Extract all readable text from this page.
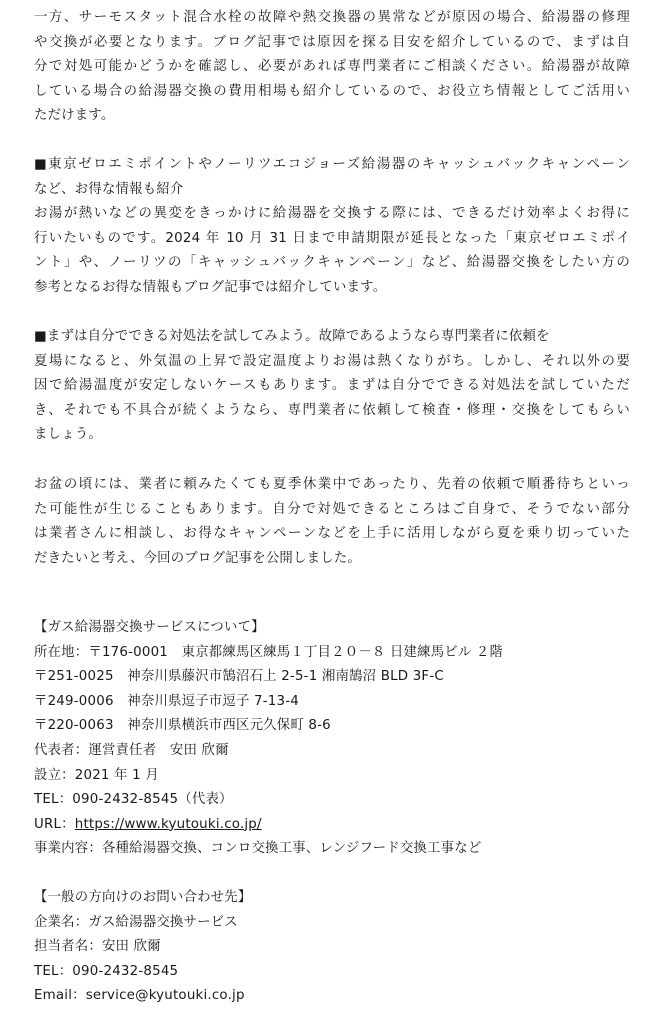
一方、サーモスタット混合水栓の故障や熱交換器の異常などが原因の場合、給湯器の修理
や交換が必要となります。ブログ記事では原因を探る目安を紹介しているので、まずは自
分で対処可能かどうかを確認し、必要があれば専門業者にご相談ください。給湯器が故障
している場合の給湯器交換の費用相場も紹介しているので、お役立ち情報としてご活用い
ただけます。
■東京ゼロエミポイントやノーリツエコジョーズ給湯器のキャッシュバックキャンペーン
など、お得な情報も紹介
お湯が熱いなどの異変をきっかけに給湯器を交換する際には、できるだけ効率よくお得に
行いたいものです。2024 年 10 月 31 日まで申請期限が延長となった「東京ゼロエミポイ
ント」や、ノーリツの「キャッシュバックキャンペーン」など、給湯器交換をしたい方の
参考となるお得な情報もブログ記事では紹介しています。
■まずは自分でできる対処法を試してみよう。故障であるようなら専門業者に依頼を
夏場になると、外気温の上昇で設定温度よりお湯は熱くなりがち。しかし、それ以外の要
因で給湯温度が安定しないケースもあります。まずは自分でできる対処法を試していただ
き、それでも不具合が続くようなら、専門業者に依頼して検査・修理・交換をしてもらい
ましょう。
お盆の頃には、業者に頼みたくても夏季休業中であったり、先着の依頼で順番待ちといっ
た可能性が生じることもあります。自分で対処できるところはご自身で、そうでない部分
は業者さんに相談し、お得なキャンペーンなどを上手に活用しながら夏を乗り切っていた
だきたいと考え、今回のブログ記事を公開しました。
【ガス給湯器交換サービスについて】
所在地：〒176-0001　東京都練馬区練馬１丁目２０－８ 日建練馬ビル ２階
〒251-0025　神奈川県藤沢市鵠沼石上 2-5-1 湘南鵠沼 BLD 3F-C
〒249-0006　神奈川県逗子市逗子 7-13-4
〒220-0063　神奈川県横浜市西区元久保町 8-6
代表者：運営責任者　安田 欣爾
設立：2021 年 1 月
TEL：090-2432-8545（代表）
URL：https://www.kyutouki.co.jp/
事業内容：各種給湯器交換、コンロ交換工事、レンジフード交換工事など
【一般の方向けのお問い合わせ先】
企業名：ガス給湯器交換サービス
担当者名：安田 欣爾
TEL：090-2432-8545
Email：service@kyutouki.co.jp
